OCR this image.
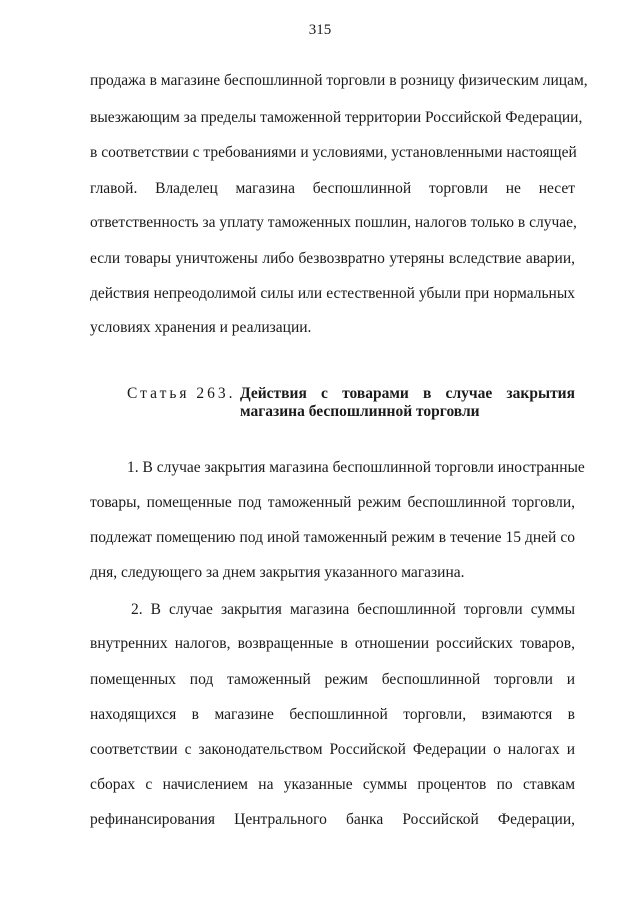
315
продажа в магазине беспошлинной торговли в розницу физическим лицам,
выезжающим за пределы таможенной территории Российской Федерации,
в соответствии с требованиями и условиями, установленными настоящей
главой. Владелец магазина беспошлинной торговли не несет
ответственность за уплату таможенных пошлин, налогов только в случае,
если товары уничтожены либо безвозвратно утеряны вследствие аварии,
действия непреодолимой силы или естественной убыли при нормальных
условиях хранения и реализации.
Статья 263. Действия с товарами в случае закрытия
магазина беспошлинной торговли
1. В случае закрытия магазина беспошлинной торговли иностранные
товары, помещенные под таможенный режим беспошлинной торговли,
подлежат помещению под иной таможенный режим в течение 15 дней со
дня, следующего за днем закрытия указанного магазина.
2. В случае закрытия магазина беспошлинной торговли суммы
внутренних налогов, возвращенные в отношении российских товаров,
помещенных под таможенный режим беспошлинной торговли и
находящихся в магазине беспошлинной торговли, взимаются в
соответствии с законодательством Российской Федерации о налогах и
сборах с начислением на указанные суммы процентов по ставкам
рефинансирования Центрального банка Российской Федерации,
